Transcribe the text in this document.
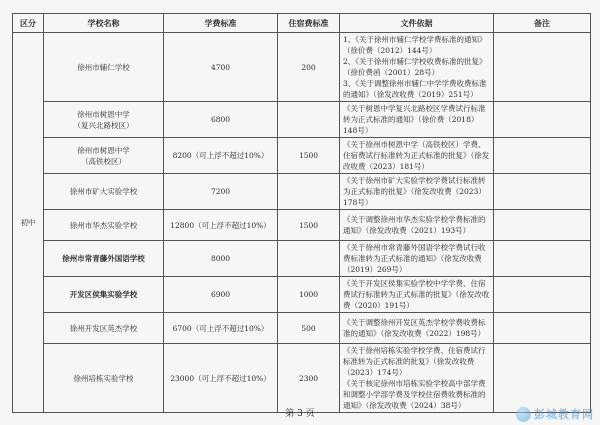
区分	学校名称	学费标准	住宿费标准	文件依据	备注
初中	徐州市辅仁学校	4700	200	1、《关于徐州市辅仁学校学费标准的通知》（徐价费（2012）144号）
2、《关于徐州市辅仁学校收费标准的批复》（徐价费函（2001）28号）
3、《关于调整徐州市辅仁中学学费收费标准的通知》（徐发改收费（2019）251号）	
	徐州市树恩中学
（复兴北路校区）	6800		《关于树恩中学复兴北路校区学费试行标准转为正式标准的通知》（徐价费（2018）148号）	
	徐州市树恩中学
（高铁校区）	8200（可上浮不超过10%）	1500	《关于徐州市树恩中学（高铁校区）学费、住宿费试行标准转为正式标准的批复》（徐发改收费（2023）181号）	
	徐州市矿大实验学校	7200		《关于徐州市矿大实验学校学费试行标准转为正式标准的批复》（徐发改收费（2023）178号）	
	徐州市华杰实验学校	12800（可上浮不超过10%）	1500	《关于调整徐州市华杰实验学校学费标准的通知》（徐发改收费（2021）193号）	
	徐州市常青藤外国语学校	8000		《关于徐州市常青藤外国语学校学费试行收费标准转为正式标准的通知》（徐发改收费（2019）269号）	
	开发区侯集实验学校	6900	1000	《关于开发区侯集实验学校中学学费、住宿费试行标准转为正式标准的批复》（徐发改收费（2020）191号）	
	徐州开发区英杰学校	6700（可上浮不超过10%）	500	《关于调整徐州开发区英杰学校学费收费标准的通知》（徐发改收费（2022）198号）	
	徐州培栋实验学校	23000（可上浮不超过10%）	2300	《关于徐州培栋实验学校学费、住宿费试行标准转为正式标准的批复》（徐发改收费（2023）174号）
《关于核定徐州市培栋实验学校高中部学费和调整小学部学费及学校住宿费收费标准的通知》（徐发改收费（2024）38号）	
第 3 页	彭城教育网
